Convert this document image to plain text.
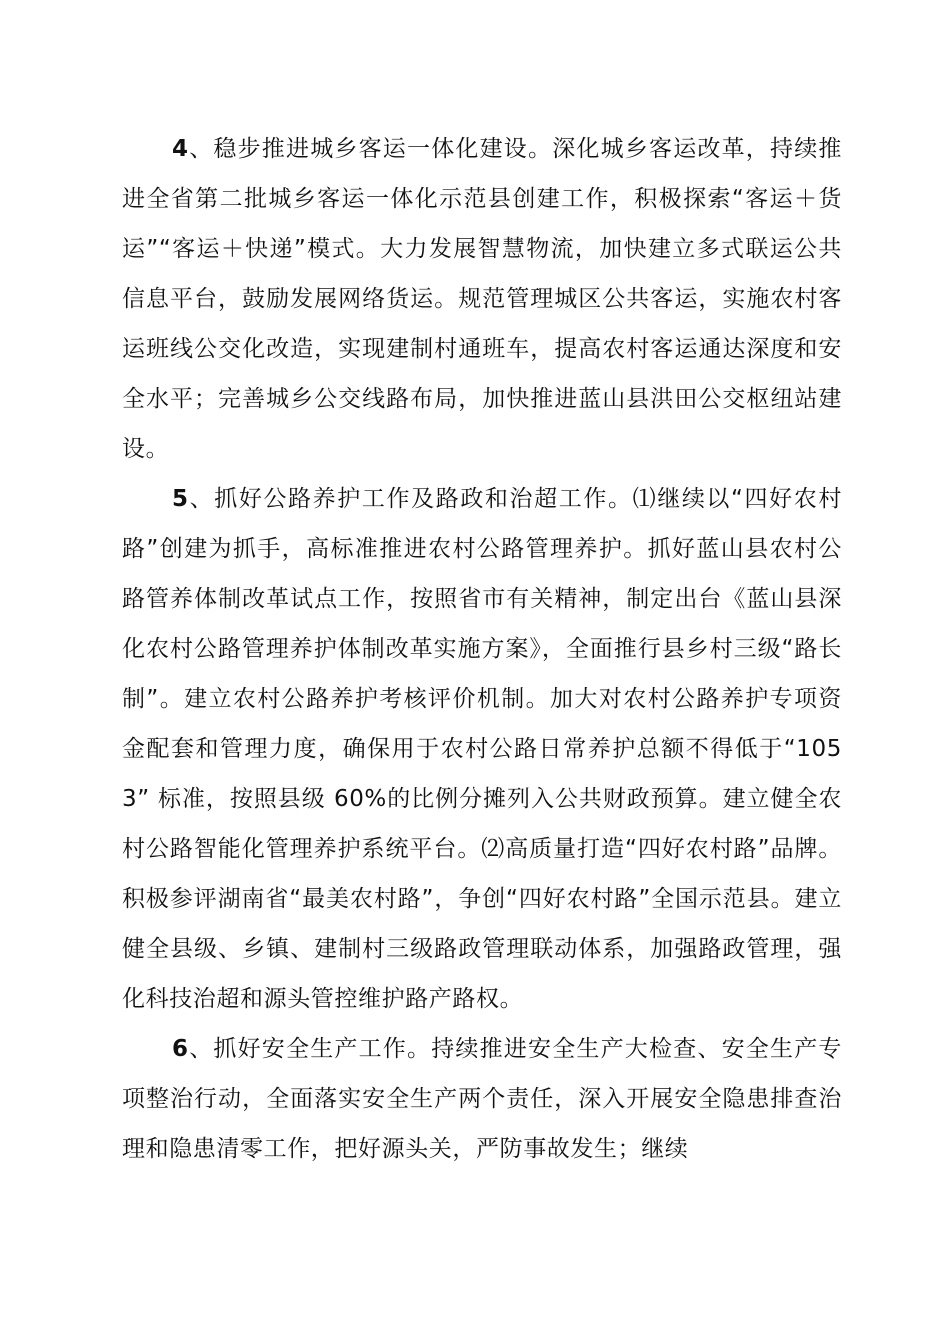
4、稳步推进城乡客运一体化建设。深化城乡客运改革，持续推进全省第二批城乡客运一体化示范县创建工作，积极探索“客运＋货运”“客运＋快递”模式。大力发展智慧物流，加快建立多式联运公共信息平台，鼓励发展网络货运。规范管理城区公共客运，实施农村客运班线公交化改造，实现建制村通班车，提高农村客运通达深度和安全水平；完善城乡公交线路布局，加快推进蓝山县洪田公交枢纽站建设。

5、抓好公路养护工作及路政和治超工作。⑴继续以“四好农村路”创建为抓手，高标准推进农村公路管理养护。抓好蓝山县农村公路管养体制改革试点工作，按照省市有关精神，制定出台《蓝山县深化农村公路管理养护体制改革实施方案》，全面推行县乡村三级“路长制”。建立农村公路养护考核评价机制。加大对农村公路养护专项资金配套和管理力度，确保用于农村公路日常养护总额不得低于“1053” 标准，按照县级 60%的比例分摊列入公共财政预算。建立健全农村公路智能化管理养护系统平台。⑵高质量打造“四好农村路”品牌。积极参评湖南省“最美农村路”，争创“四好农村路”全国示范县。建立健全县级、乡镇、建制村三级路政管理联动体系，加强路政管理，强化科技治超和源头管控维护路产路权。

6、抓好安全生产工作。持续推进安全生产大检查、安全生产专项整治行动，全面落实安全生产两个责任，深入开展安全隐患排查治理和隐患清零工作，把好源头关，严防事故发生；继续
